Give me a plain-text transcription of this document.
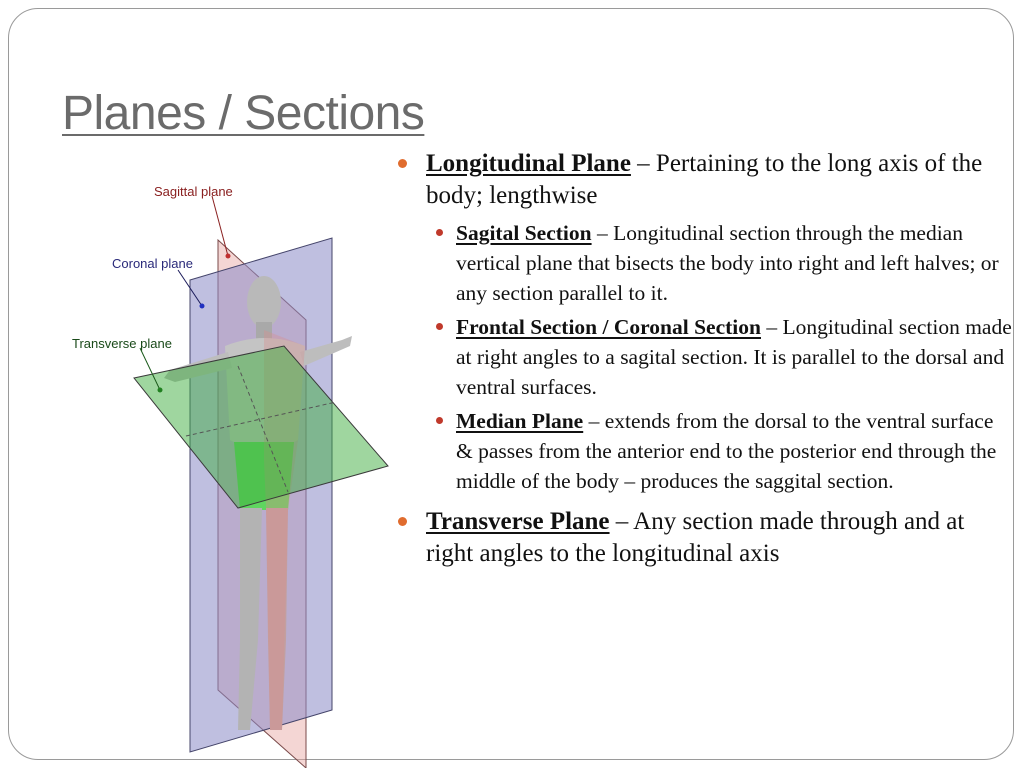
Planes / Sections
Sagittal plane
Coronal plane
Transverse plane
Longitudinal Plane – Pertaining to the long axis of the body; lengthwise
Sagital Section – Longitudinal section through the median vertical plane that bisects the body into right and left halves; or any section parallel to it.
Frontal Section / Coronal Section – Longitudinal section made at right angles to a sagital section. It is parallel to the dorsal and ventral surfaces.
Median Plane – extends from the dorsal to the ventral surface & passes from the anterior end to the posterior end through the middle of the body – produces the saggital section.
Transverse Plane – Any section made through and at right angles to the longitudinal axis
